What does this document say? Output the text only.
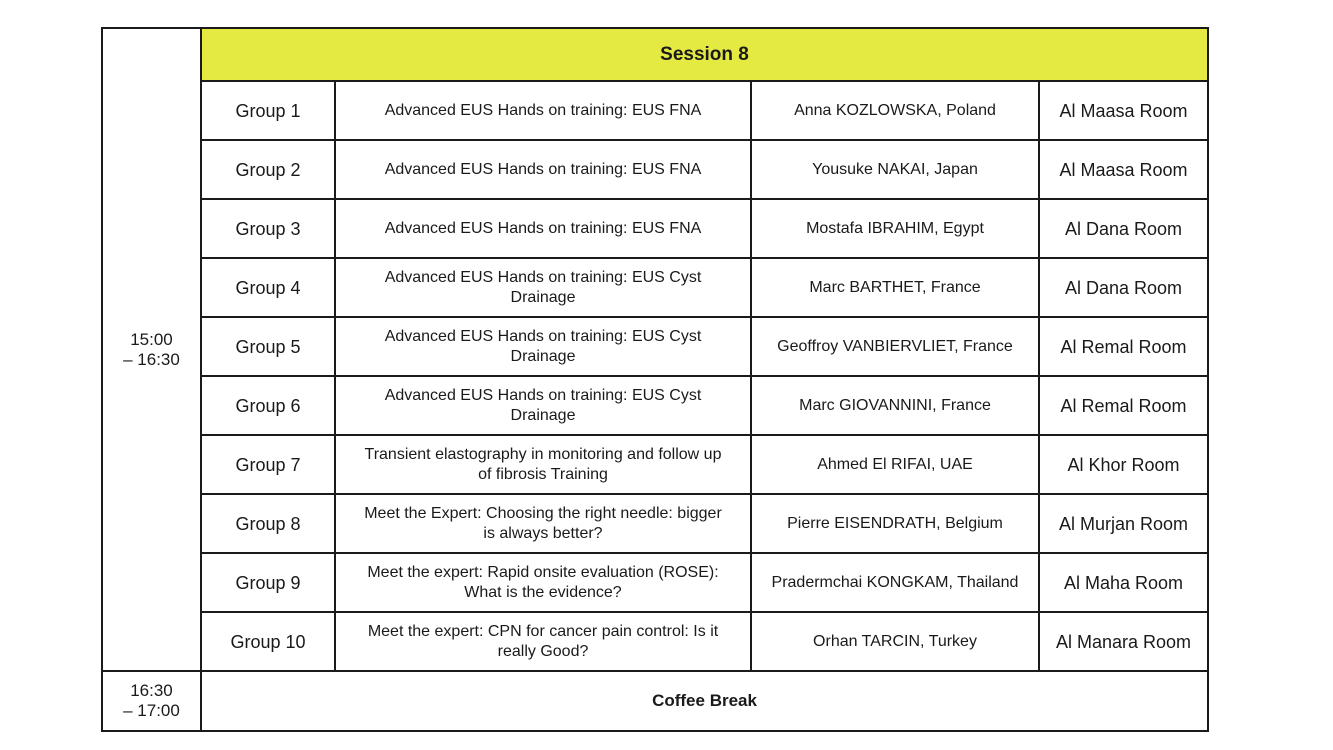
15:00
– 16:30	Session 8			
	Group 1	Advanced EUS Hands on training: EUS FNA	Anna KOZLOWSKA, Poland	Al Maasa Room
	Group 2	Advanced EUS Hands on training: EUS FNA	Yousuke NAKAI, Japan	Al Maasa Room
	Group 3	Advanced EUS Hands on training: EUS FNA	Mostafa IBRAHIM, Egypt	Al Dana Room
	Group 4	Advanced EUS Hands on training: EUS Cyst
Drainage	Marc BARTHET, France	Al Dana Room
	Group 5	Advanced EUS Hands on training: EUS Cyst
Drainage	Geoffroy VANBIERVLIET, France	Al Remal Room
	Group 6	Advanced EUS Hands on training: EUS Cyst
Drainage	Marc GIOVANNINI, France	Al Remal Room
	Group 7	Transient elastography in monitoring and follow up
of fibrosis Training	Ahmed El RIFAI, UAE	Al Khor Room
	Group 8	Meet the Expert: Choosing the right needle: bigger
is always better?	Pierre EISENDRATH, Belgium	Al Murjan Room
	Group 9	Meet the expert: Rapid onsite evaluation (ROSE):
What is the evidence?	Pradermchai KONGKAM, Thailand	Al Maha Room
	Group 10	Meet the expert: CPN for cancer pain control: Is it
really Good?	Orhan TARCIN, Turkey	Al Manara Room

16:30
– 17:00	Coffee Break			
